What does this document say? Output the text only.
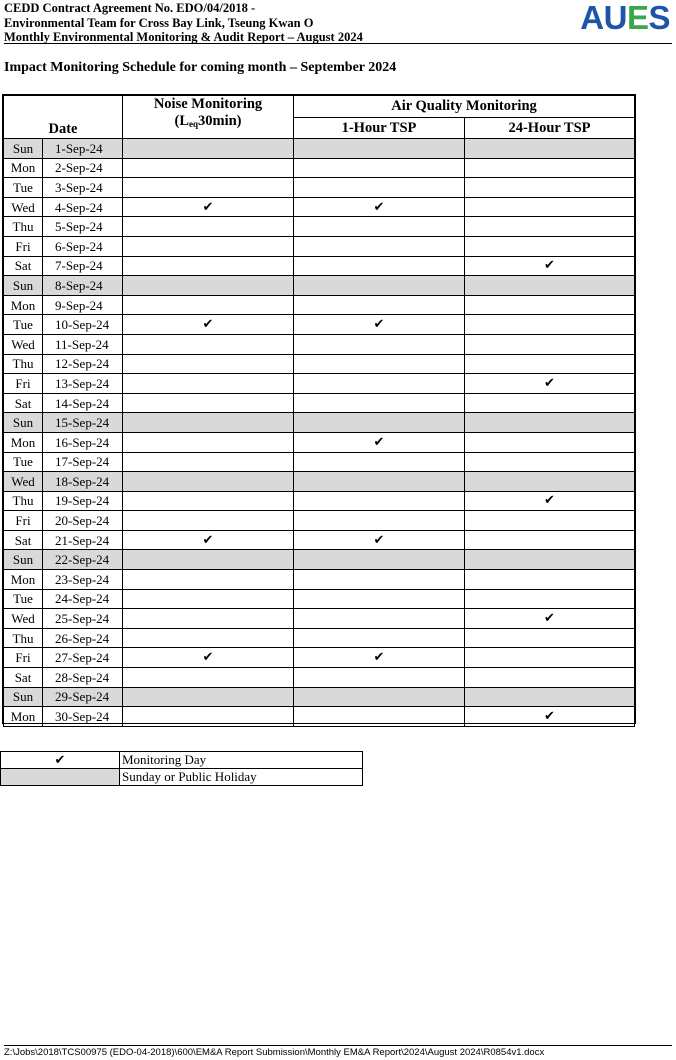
CEDD Contract Agreement No. EDO/04/2018 -
Environmental Team for Cross Bay Link, Tseung Kwan O
Monthly Environmental Monitoring & Audit Report – August 2024
AUES
Impact Monitoring Schedule for coming month – September 2024
Date		Noise Monitoring
$(L_{eq}30\min)$	Air Quality Monitoring	
			1-Hour TSP	24-Hour TSP
Sun	1-Sep-24			
Mon	2-Sep-24			
Tue	3-Sep-24			
Wed	4-Sep-24	✔	✔	
Thu	5-Sep-24			
Fri	6-Sep-24			
Sat	7-Sep-24			✔
Sun	8-Sep-24			
Mon	9-Sep-24			
Tue	10-Sep-24	✔	✔	
Wed	11-Sep-24			
Thu	12-Sep-24			
Fri	13-Sep-24			✔
Sat	14-Sep-24			
Sun	15-Sep-24			
Mon	16-Sep-24		✔	
Tue	17-Sep-24			
Wed	18-Sep-24			
Thu	19-Sep-24			✔
Fri	20-Sep-24			
Sat	21-Sep-24	✔	✔	
Sun	22-Sep-24			
Mon	23-Sep-24			
Tue	24-Sep-24			
Wed	25-Sep-24			✔
Thu	26-Sep-24			
Fri	27-Sep-24	✔	✔	
Sat	28-Sep-24			
Sun	29-Sep-24			
Mon	30-Sep-24			✔
✔	Monitoring Day
	Sunday or Public Holiday
Z:\Jobs\2018\TCS00975 (EDO-04-2018)\600\EM&A Report Submission\Monthly EM&A Report\2024\August 2024\R0854v1.docx
